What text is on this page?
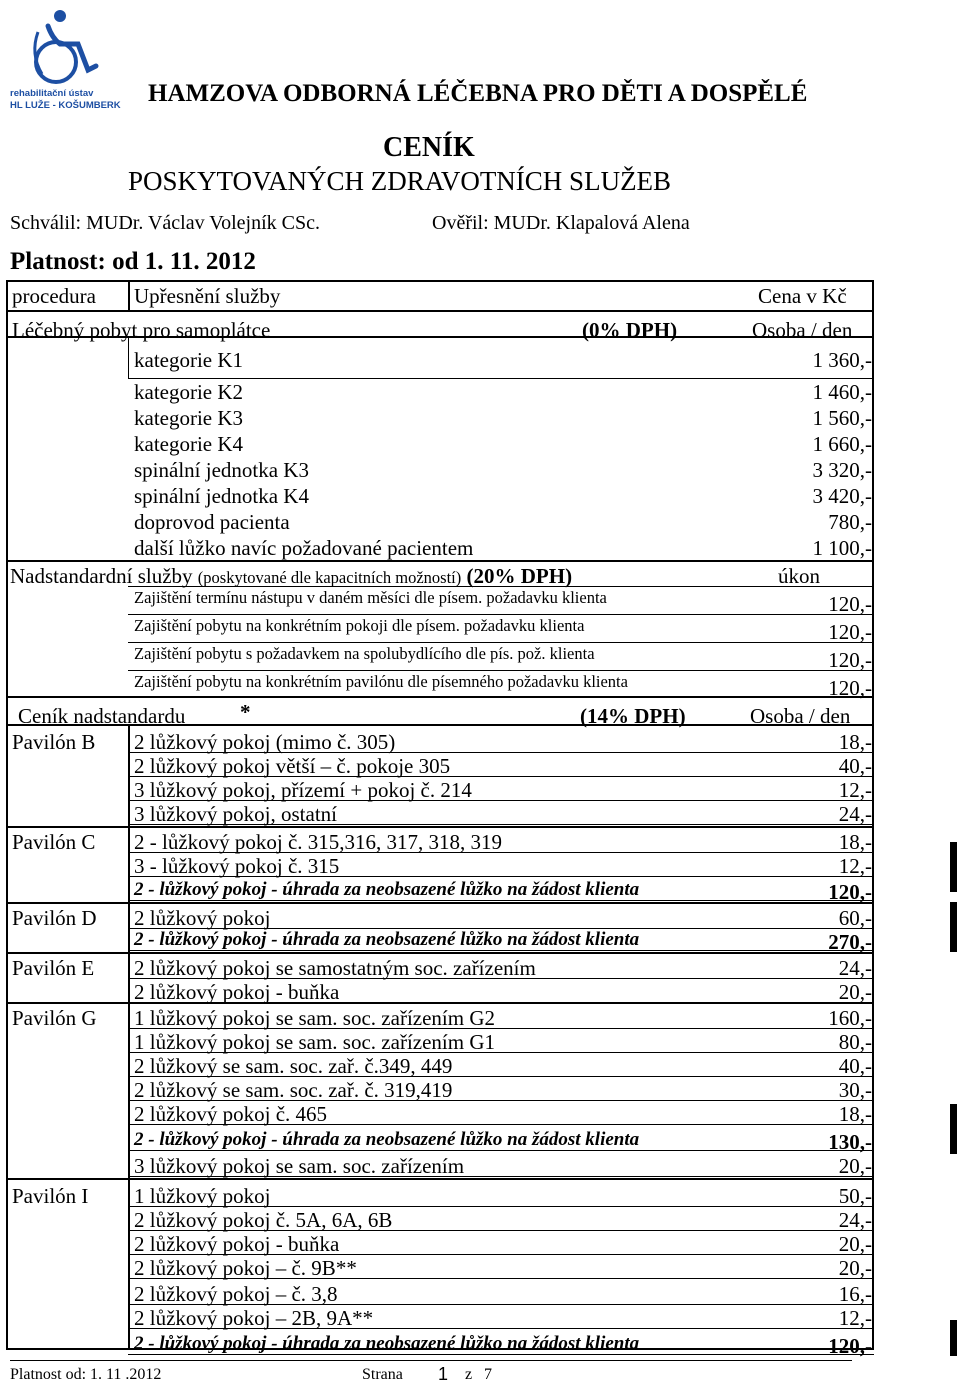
rehabilitační ústav
HL LUŽE - KOŠUMBERK HAMZOVA ODBORNÁ LÉČEBNA PRO DĚTI A DOSPĚLÉ
CENÍK
POSKYTOVANÝCH ZDRAVOTNÍCH SLUŽEB
Schválil: MUDr. Václav Volejník CSc.	Ověřil: MUDr. Klapalová Alena
Platnost: od 1. 11. 2012
procedura Upřesnění služby	Cena v Kč
Léčebný pobyt pro samoplátce	(0% DPH)	Osoba / den
kategorie K1	1 360,-
kategorie K2	1 460,-
kategorie K3	1 560,-
kategorie K4	1 660,-
spinální jednotka K3	3 320,-
spinální jednotka K4	3 420,-
doprovod pacienta	780,-
další lůžko navíc požadované pacientem	1 100,-
Nadstandardní služby (poskytované dle kapacitních možností) (20% DPH)	úkon
Zajištění termínu nástupu v daném měsíci dle písem. požadavku klienta	120,-
Zajištění pobytu na konkrétním pokoji dle písem. požadavku klienta	120,-
Zajištění pobytu s požadavkem na spolubydlícího dle pís. pož. klienta	120,-
Zajištění pobytu na konkrétním pavilónu dle písemného požadavku klienta	120,-
Ceník nadstandardu	*	(14% DPH)	Osoba / den
Pavilón B 2 lůžkový pokoj (mimo č. 305)	18,-
2 lůžkový pokoj větší – č. pokoje 305	40,-
3 lůžkový pokoj, přízemí + pokoj č. 214	12,-
3 lůžkový pokoj, ostatní	24,-
Pavilón C 2 - lůžkový pokoj č. 315,316, 317, 318, 319	18,-
3 - lůžkový pokoj č. 315	12,-
2 - lůžkový pokoj - úhrada za neobsazené lůžko na žádost klienta	120,-
Pavilón D 2 lůžkový pokoj	60,-
2 - lůžkový pokoj - úhrada za neobsazené lůžko na žádost klienta	270,-
Pavilón E 2 lůžkový pokoj se samostatným soc. zařízením	24,-
2 lůžkový pokoj - buňka	20,-
Pavilón G 1 lůžkový pokoj se sam. soc. zařízením G2	160,-
1 lůžkový pokoj se sam. soc. zařízením G1	80,-
2 lůžkový se sam. soc. zař. č.349, 449	40,-
2 lůžkový se sam. soc. zař. č. 319,419	30,-
2 lůžkový pokoj č. 465	18,-
2 - lůžkový pokoj - úhrada za neobsazené lůžko na žádost klienta	130,-
3 lůžkový pokoj se sam. soc. zařízením	20,-
Pavilón I 1 lůžkový pokoj	50,-
2 lůžkový pokoj č. 5A, 6A, 6B	24,-
2 lůžkový pokoj - buňka	20,-
2 lůžkový pokoj – č. 9B**	20,-
2 lůžkový pokoj – č. 3,8	16,-
2 lůžkový pokoj – 2B, 9A**	12,-
2 - lůžkový pokoj - úhrada za neobsazené lůžko na žádost klienta	120,-
Platnost od: 1. 11 .2012	Strana 1 z 7
